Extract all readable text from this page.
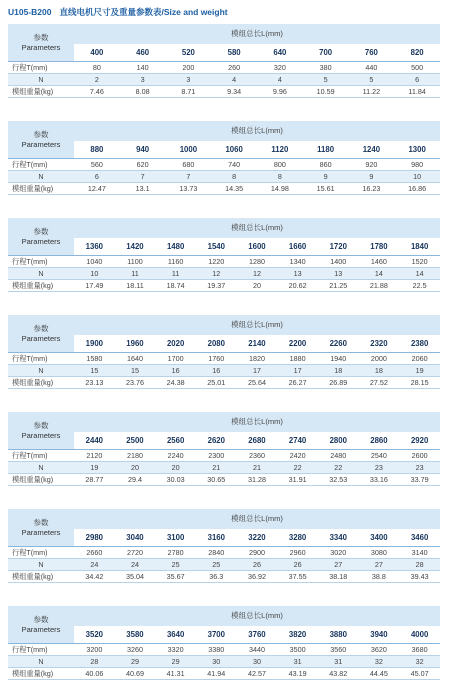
U105-B200 直线电机尺寸及重量参数表/Size and weight
参数
Parameters	模组总长L(mm)							
	400	460	520	580	640	700	760	820
行程T(mm)	80	140	200	260	320	380	440	500
N	2	3	3	4	4	5	5	6
模组重量(kg)	7.46	8.08	8.71	9.34	9.96	10.59	11.22	11.84
参数
Parameters	模组总长L(mm)							
	880	940	1000	1060	1120	1180	1240	1300
行程T(mm)	560	620	680	740	800	860	920	980
N	6	7	7	8	8	9	9	10
模组重量(kg)	12.47	13.1	13.73	14.35	14.98	15.61	16.23	16.86
参数
Parameters	模组总长L(mm)								
	1360	1420	1480	1540	1600	1660	1720	1780	1840
行程T(mm)	1040	1100	1160	1220	1280	1340	1400	1460	1520
N	10	11	11	12	12	13	13	14	14
模组重量(kg)	17.49	18.11	18.74	19.37	20	20.62	21.25	21.88	22.5
参数
Parameters	模组总长L(mm)								
	1900	1960	2020	2080	2140	2200	2260	2320	2380
行程T(mm)	1580	1640	1700	1760	1820	1880	1940	2000	2060
N	15	15	16	16	17	17	18	18	19
模组重量(kg)	23.13	23.76	24.38	25.01	25.64	26.27	26.89	27.52	28.15
参数
Parameters	模组总长L(mm)								
	2440	2500	2560	2620	2680	2740	2800	2860	2920
行程T(mm)	2120	2180	2240	2300	2360	2420	2480	2540	2600
N	19	20	20	21	21	22	22	23	23
模组重量(kg)	28.77	29.4	30.03	30.65	31.28	31.91	32.53	33.16	33.79
参数
Parameters	模组总长L(mm)								
	2980	3040	3100	3160	3220	3280	3340	3400	3460
行程T(mm)	2660	2720	2780	2840	2900	2960	3020	3080	3140
N	24	24	25	25	26	26	27	27	28
模组重量(kg)	34.42	35.04	35.67	36.3	36.92	37.55	38.18	38.8	39.43
参数
Parameters	模组总长L(mm)								
	3520	3580	3640	3700	3760	3820	3880	3940	4000
行程T(mm)	3200	3260	3320	3380	3440	3500	3560	3620	3680
N	28	29	29	30	30	31	31	32	32
模组重量(kg)	40.06	40.69	41.31	41.94	42.57	43.19	43.82	44.45	45.07
